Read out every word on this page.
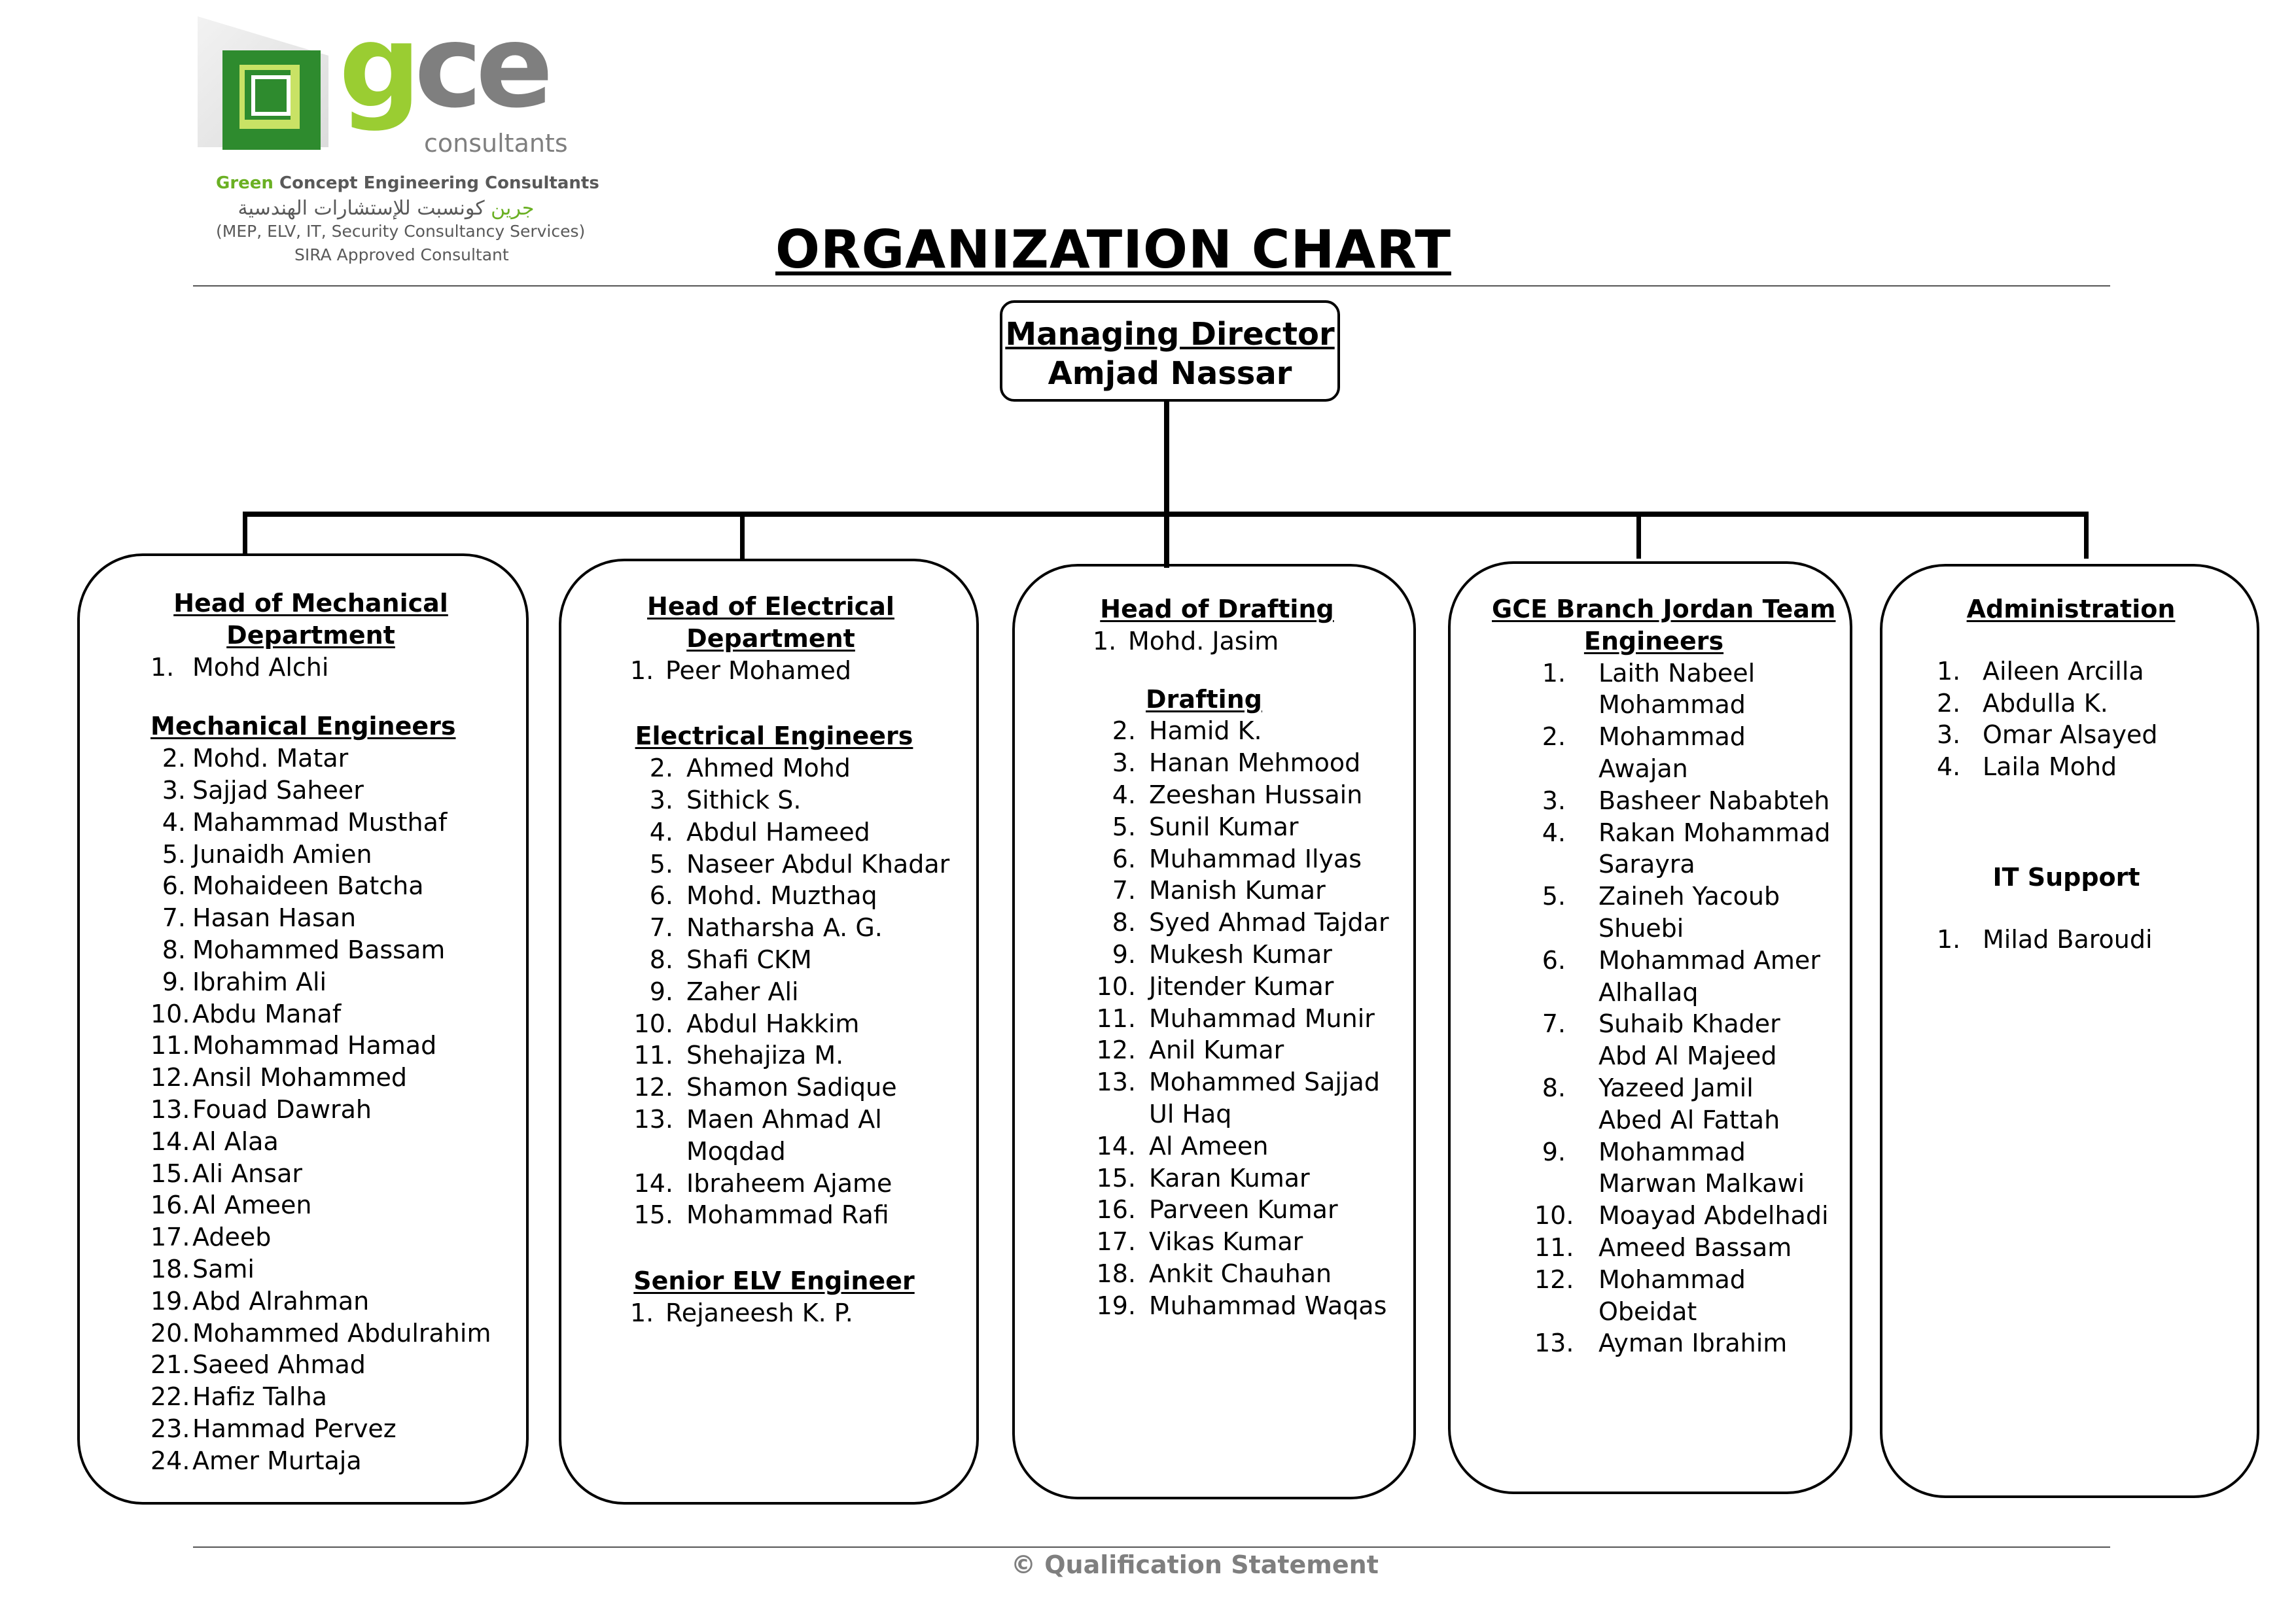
gce
consultants
Green Concept Engineering Consultants
جرين كونسبت للإستشارات الهندسية
(MEP, ELV, IT, Security Consultancy Services)
SIRA Approved Consultant	ORGANIZATION CHART
Managing Director
Amjad Nassar
Head of Mechanical
Department
1. Mohd Alchi
Mechanical Engineers
2. Mohd. Matar
3. Sajjad Saheer
4. Mahammad Musthaf
5. Junaidh Amien
6. Mohaideen Batcha
7. Hasan Hasan
8. Mohammed Bassam
9. Ibrahim Ali
10. Abdu Manaf
11. Mohammad Hamad
12. Ansil Mohammed
13. Fouad Dawrah
14. Al Alaa
15. Ali Ansar
16. Al Ameen
17. Adeeb
18. Sami
19. Abd Alrahman
20. Mohammed Abdulrahim
21. Saeed Ahmad
22. Hafiz Talha
23. Hammad Pervez
24. Amer Murtaja
Head of Electrical
Department
1. Peer Mohamed
Electrical Engineers
2. Ahmed Mohd
3. Sithick S.
4. Abdul Hameed
5. Naseer Abdul Khadar
6. Mohd. Muzthaq
7. Natharsha A. G.
8. Shafi CKM
9. Zaher Ali
10. Abdul Hakkim
11. Shehajiza M.
12. Shamon Sadique
13. Maen Ahmad Al
Moqdad
14. Ibraheem Ajame
15. Mohammad Rafi
Senior ELV Engineer
1. Rejaneesh K. P.
Head of Drafting
1. Mohd. Jasim
Drafting
2. Hamid K.
3. Hanan Mehmood
4. Zeeshan Hussain
5. Sunil Kumar
6. Muhammad Ilyas
7. Manish Kumar
8. Syed Ahmad Tajdar
9. Mukesh Kumar
10. Jitender Kumar
11. Muhammad Munir
12. Anil Kumar
13. Mohammed Sajjad
Ul Haq
14. Al Ameen
15. Karan Kumar
16. Parveen Kumar
17. Vikas Kumar
18. Ankit Chauhan
19. Muhammad Waqas
GCE Branch Jordan Team
Engineers
1.	Laith Nabeel
Mohammad
2.	Mohammad
Awajan
3.	Basheer Nababteh
4.	Rakan Mohammad
Sarayra
5.	Zaineh Yacoub
Shuebi
6.	Mohammad Amer
Alhallaq
7.	Suhaib Khader
Abd Al Majeed
8.	Yazeed Jamil
Abed Al Fattah
9.	Mohammad
Marwan Malkawi
10. Moayad Abdelhadi
11. Ameed Bassam
12. Mohammad
Obeidat
13. Ayman Ibrahim
Administration
1. Aileen Arcilla
2. Abdulla K.
3. Omar Alsayed
4. Laila Mohd
IT Support
1. Milad Baroudi
© Qualification Statement
